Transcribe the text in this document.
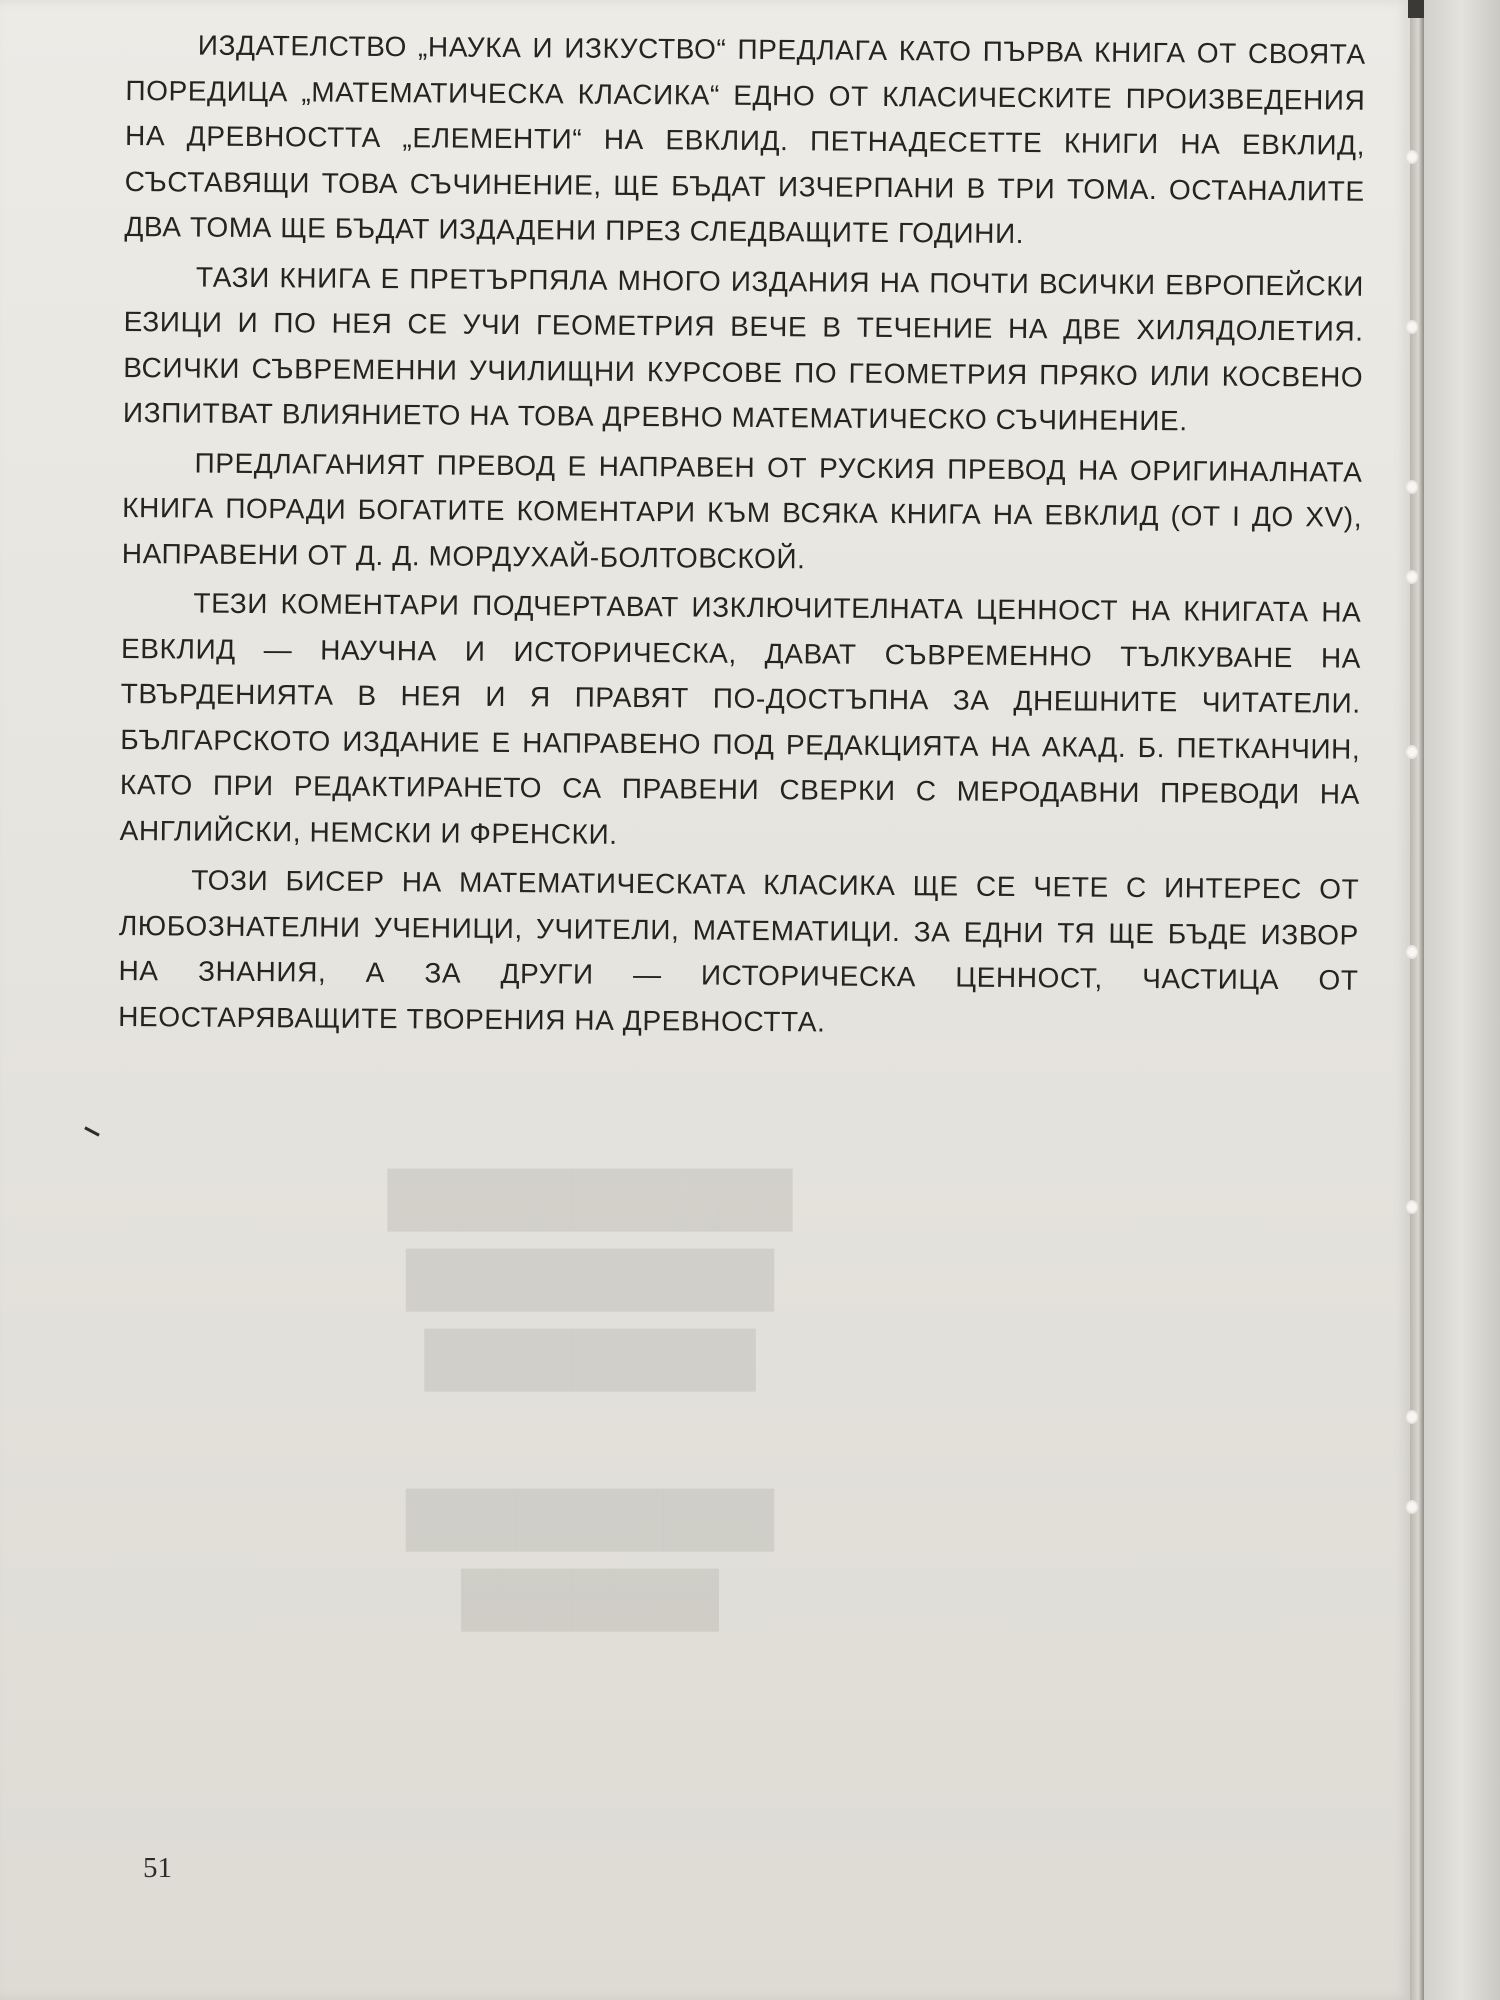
ИЗДАТЕЛСТВО „НАУКА И ИЗКУСТВО“ ПРЕДЛАГА КАТО ПЪРВА КНИГА ОТ СВОЯТА ПОРЕДИЦА „МАТЕМАТИЧЕСКА КЛАСИКА“ ЕДНО ОТ КЛАСИЧЕСКИТЕ ПРОИЗВЕДЕНИЯ НА ДРЕВНОСТТА „ЕЛЕМЕНТИ“ НА ЕВКЛИД. ПЕТНАДЕСЕТТЕ КНИГИ НА ЕВКЛИД, СЪСТАВЯЩИ ТОВА СЪЧИНЕНИЕ, ЩЕ БЪДАТ ИЗЧЕРПАНИ В ТРИ ТОМА. ОСТАНАЛИТЕ ДВА ТОМА ЩЕ БЪДАТ ИЗДАДЕНИ ПРЕЗ СЛЕДВАЩИТЕ ГОДИНИ.

ТАЗИ КНИГА Е ПРЕТЪРПЯЛА МНОГО ИЗДАНИЯ НА ПОЧТИ ВСИЧКИ ЕВРОПЕЙСКИ ЕЗИЦИ И ПО НЕЯ СЕ УЧИ ГЕОМЕТРИЯ ВЕЧЕ В ТЕЧЕНИЕ НА ДВЕ ХИЛЯДОЛЕТИЯ. ВСИЧКИ СЪВРЕМЕННИ УЧИЛИЩНИ КУРСОВЕ ПО ГЕОМЕТРИЯ ПРЯКО ИЛИ КОСВЕНО ИЗПИТВАТ ВЛИЯНИЕТО НА ТОВА ДРЕВНО МАТЕМАТИЧЕСКО СЪЧИНЕНИЕ.

ПРЕДЛАГАНИЯТ ПРЕВОД Е НАПРАВЕН ОТ РУСКИЯ ПРЕВОД НА ОРИГИНАЛНАТА КНИГА ПОРАДИ БОГАТИТЕ КОМЕНТАРИ КЪМ ВСЯКА КНИГА НА ЕВКЛИД (ОТ I ДО XV), НАПРАВЕНИ ОТ Д. Д. МОРДУХАЙ-БОЛТОВСКОЙ.

ТЕЗИ КОМЕНТАРИ ПОДЧЕРТАВАТ ИЗКЛЮЧИТЕЛНАТА ЦЕННОСТ НА КНИГАТА НА ЕВКЛИД — НАУЧНА И ИСТОРИЧЕСКА, ДАВАТ СЪВРЕМЕННО ТЪЛКУВАНЕ НА ТВЪРДЕНИЯТА В НЕЯ И Я ПРАВЯТ ПО-ДОСТЪПНА ЗА ДНЕШНИТЕ ЧИТАТЕЛИ. БЪЛГАРСКОТО ИЗДАНИЕ Е НАПРАВЕНО ПОД РЕДАКЦИЯТА НА АКАД. Б. ПЕТКАНЧИН, КАТО ПРИ РЕДАКТИРАНЕТО СА ПРАВЕНИ СВЕРКИ С МЕРОДАВНИ ПРЕВОДИ НА АНГЛИЙСКИ, НЕМСКИ И ФРЕНСКИ.

ТОЗИ БИСЕР НА МАТЕМАТИЧЕСКАТА КЛАСИКА ЩЕ СЕ ЧЕТЕ С ИНТЕРЕС ОТ ЛЮБОЗНАТЕЛНИ УЧЕНИЦИ, УЧИТЕЛИ, МАТЕМАТИЦИ. ЗА ЕДНИ ТЯ ЩЕ БЪДЕ ИЗВОР НА ЗНАНИЯ, А ЗА ДРУГИ — ИСТОРИЧЕСКА ЦЕННОСТ, ЧАСТИЦА ОТ НЕОСТАРЯВАЩИТЕ ТВОРЕНИЯ НА ДРЕВНОСТТА.

███████████
██████████
█████████

██████████
███████
51
